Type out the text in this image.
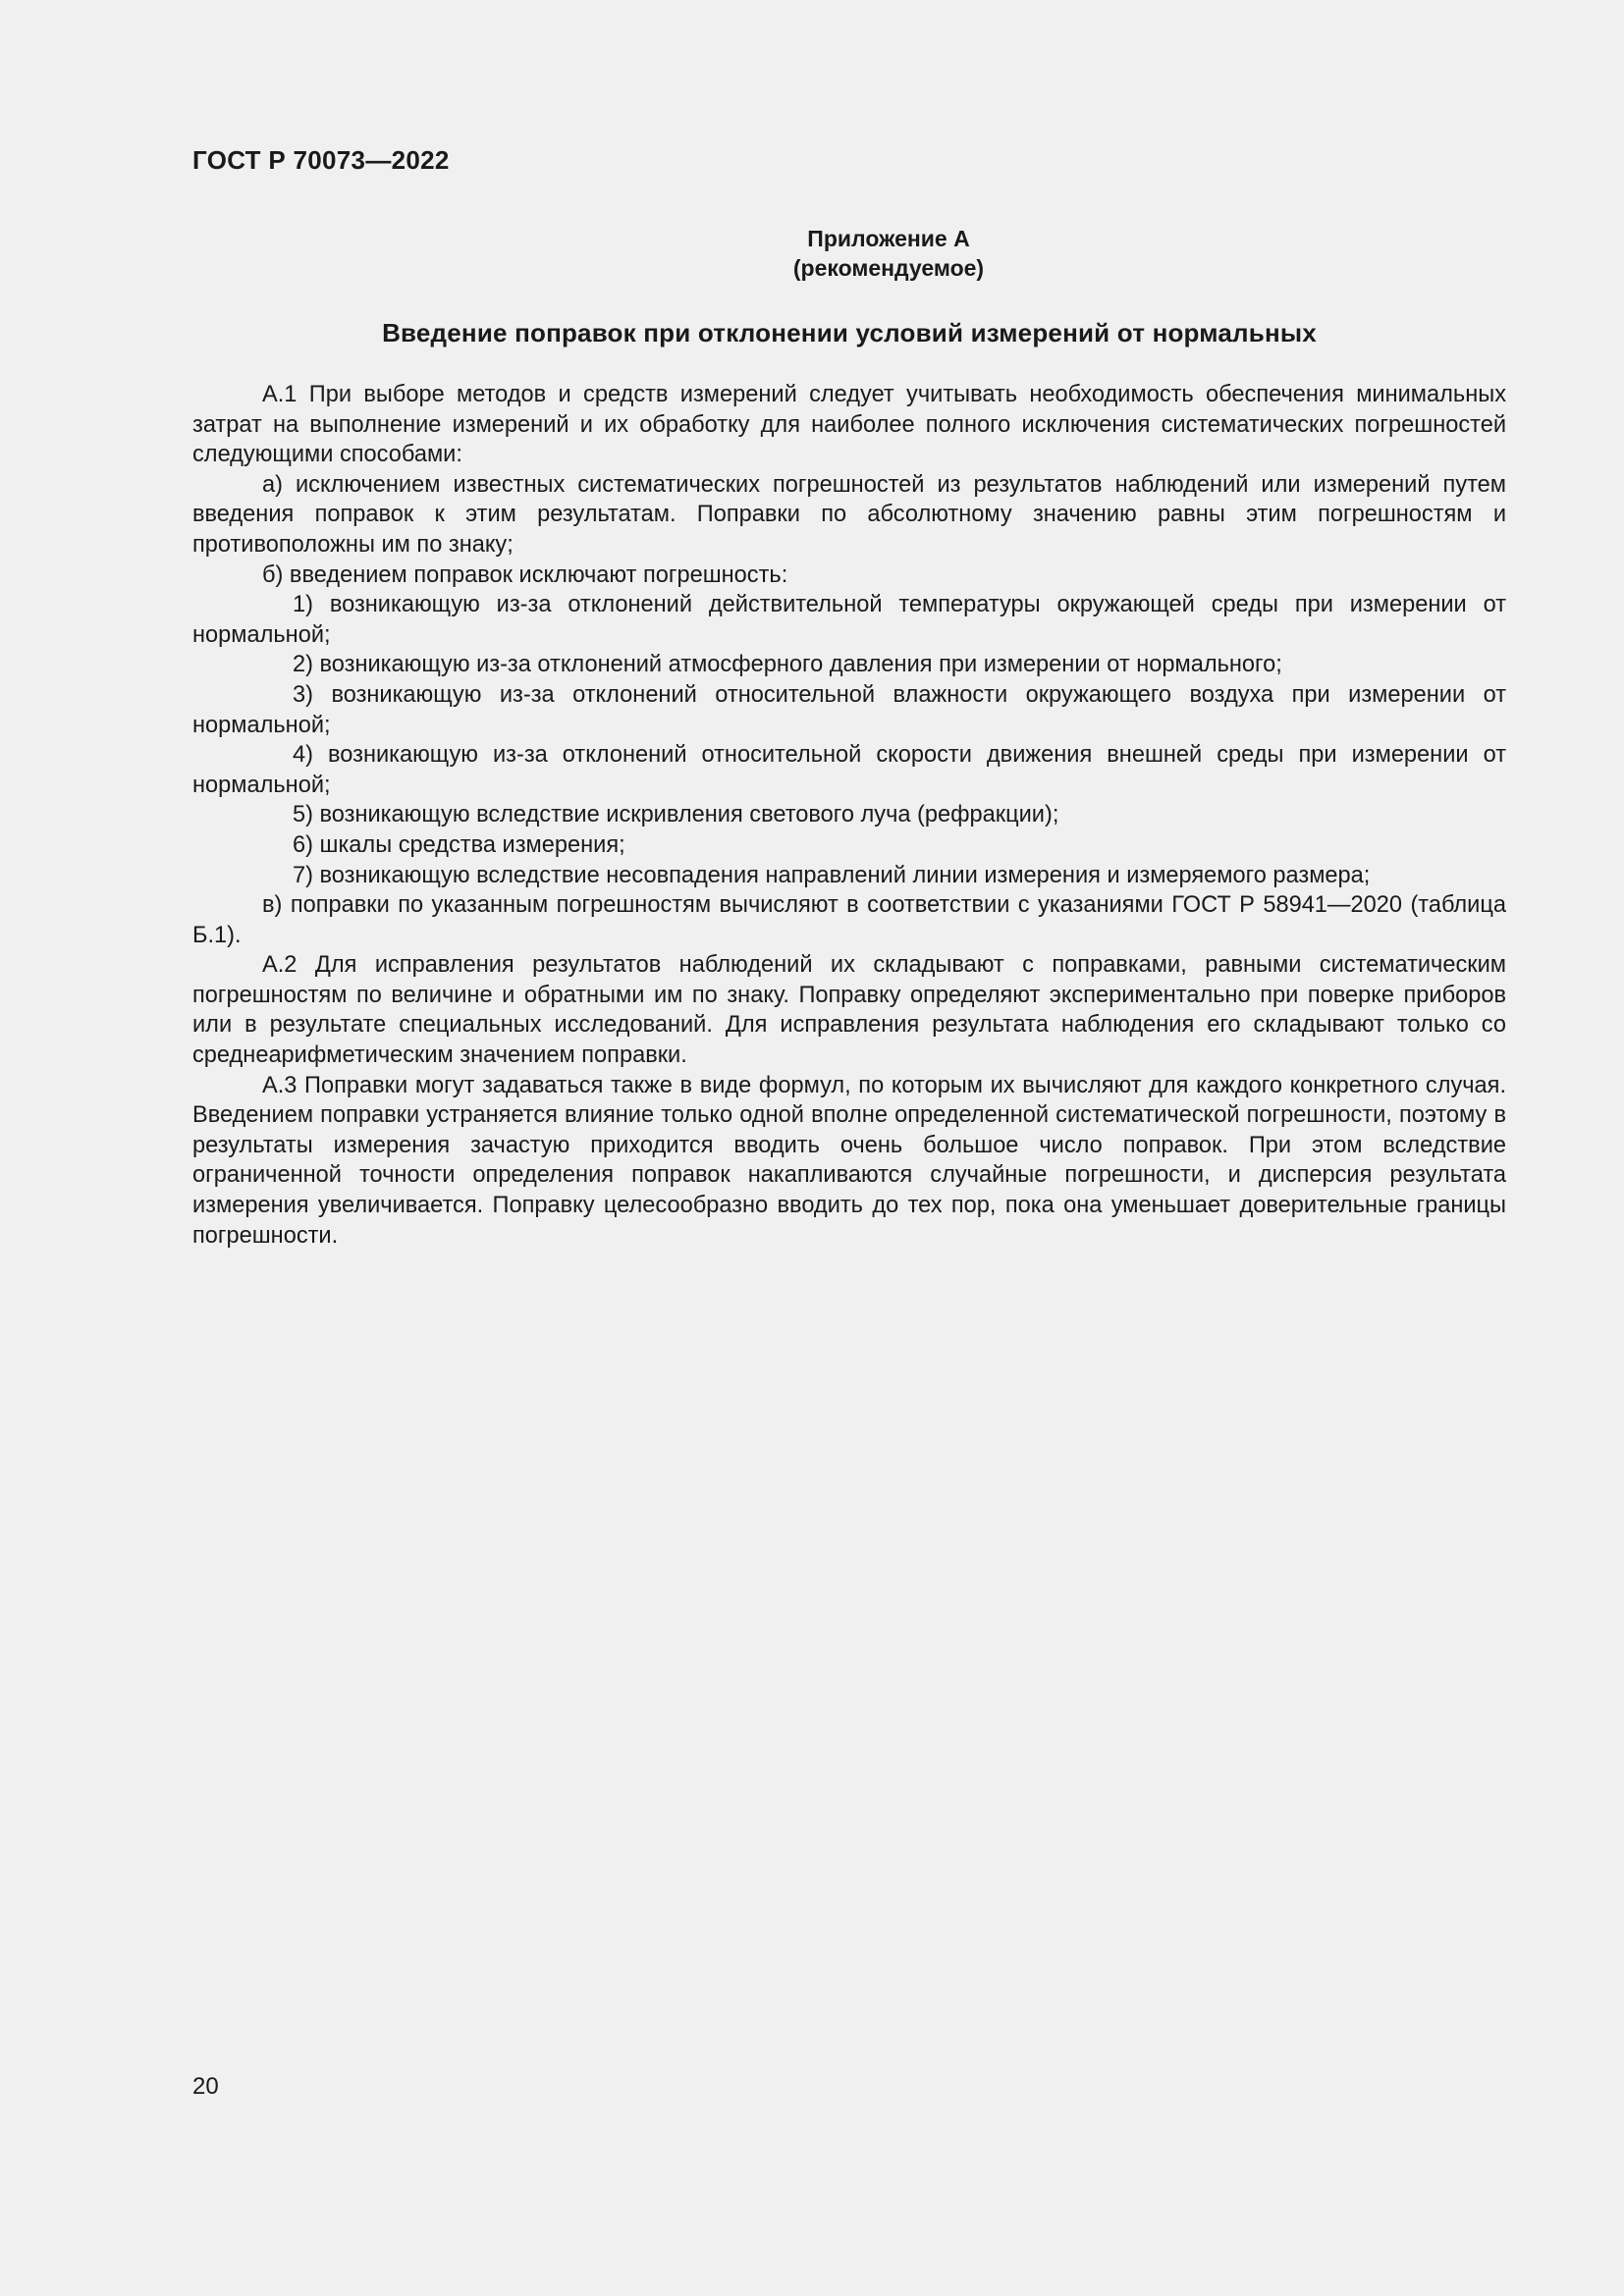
ГОСТ Р 70073—2022
Приложение А
(рекомендуемое)
Введение поправок при отклонении условий измерений от нормальных

А.1 При выборе методов и средств измерений следует учитывать необходимость обеспечения минимальных затрат на выполнение измерений и их обработку для наиболее полного исключения систематических погрешностей следующими способами:

а) исключением известных систематических погрешностей из результатов наблюдений или измерений путем введения поправок к этим результатам. Поправки по абсолютному значению равны этим погрешностям и противоположны им по знаку;

б) введением поправок исключают погрешность:

1) возникающую из-за отклонений действительной температуры окружающей среды при измерении от нормальной;

2) возникающую из-за отклонений атмосферного давления при измерении от нормального;

3) возникающую из-за отклонений относительной влажности окружающего воздуха при измерении от нормальной;

4) возникающую из-за отклонений относительной скорости движения внешней среды при измерении от нормальной;

5) возникающую вследствие искривления светового луча (рефракции);

6) шкалы средства измерения;

7) возникающую вследствие несовпадения направлений линии измерения и измеряемого размера;

в) поправки по указанным погрешностям вычисляют в соответствии с указаниями ГОСТ Р 58941—2020 (таблица Б.1).

А.2 Для исправления результатов наблюдений их складывают с поправками, равными систематическим погрешностям по величине и обратными им по знаку. Поправку определяют экспериментально при поверке приборов или в результате специальных исследований. Для исправления результата наблюдения его складывают только со среднеарифметическим значением поправки.

А.3 Поправки могут задаваться также в виде формул, по которым их вычисляют для каждого конкретного случая. Введением поправки устраняется влияние только одной вполне определенной систематической погрешности, поэтому в результаты измерения зачастую приходится вводить очень большое число поправок. При этом вследствие ограниченной точности определения поправок накапливаются случайные погрешности, и дисперсия результата измерения увеличивается. Поправку целесообразно вводить до тех пор, пока она уменьшает доверительные границы погрешности.

20
